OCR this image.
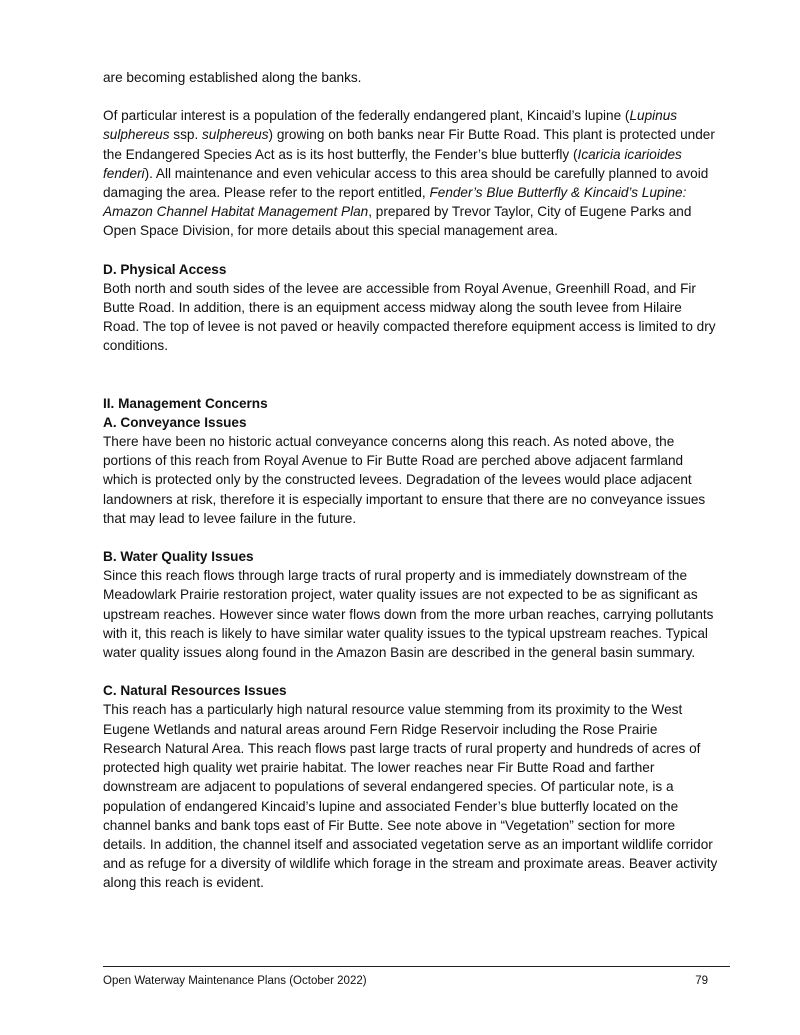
are becoming established along the banks.

Of particular interest is a population of the federally endangered plant, Kincaid’s lupine (Lupinus sulphereus ssp. sulphereus) growing on both banks near Fir Butte Road. This plant is protected under the Endangered Species Act as is its host butterfly, the Fender’s blue butterfly (Icaricia icarioides fenderi). All maintenance and even vehicular access to this area should be carefully planned to avoid damaging the area. Please refer to the report entitled, Fender’s Blue Butterfly & Kincaid’s Lupine: Amazon Channel Habitat Management Plan, prepared by Trevor Taylor, City of Eugene Parks and Open Space Division, for more details about this special management area.

D. Physical Access

Both north and south sides of the levee are accessible from Royal Avenue, Greenhill Road, and Fir Butte Road. In addition, there is an equipment access midway along the south levee from Hilaire Road. The top of levee is not paved or heavily compacted therefore equipment access is limited to dry conditions.

II. Management Concerns

A. Conveyance Issues

There have been no historic actual conveyance concerns along this reach. As noted above, the portions of this reach from Royal Avenue to Fir Butte Road are perched above adjacent farmland which is protected only by the constructed levees. Degradation of the levees would place adjacent landowners at risk, therefore it is especially important to ensure that there are no conveyance issues that may lead to levee failure in the future.

B. Water Quality Issues

Since this reach flows through large tracts of rural property and is immediately downstream of the Meadowlark Prairie restoration project, water quality issues are not expected to be as significant as upstream reaches. However since water flows down from the more urban reaches, carrying pollutants with it, this reach is likely to have similar water quality issues to the typical upstream reaches. Typical water quality issues along found in the Amazon Basin are described in the general basin summary.

C. Natural Resources Issues

This reach has a particularly high natural resource value stemming from its proximity to the West Eugene Wetlands and natural areas around Fern Ridge Reservoir including the Rose Prairie Research Natural Area. This reach flows past large tracts of rural property and hundreds of acres of protected high quality wet prairie habitat. The lower reaches near Fir Butte Road and farther downstream are adjacent to populations of several endangered species. Of particular note, is a population of endangered Kincaid’s lupine and associated Fender’s blue butterfly located on the channel banks and bank tops east of Fir Butte. See note above in “Vegetation” section for more details. In addition, the channel itself and associated vegetation serve as an important wildlife corridor and as refuge for a diversity of wildlife which forage in the stream and proximate areas. Beaver activity along this reach is evident.

Open Waterway Maintenance Plans (October 2022)	79
